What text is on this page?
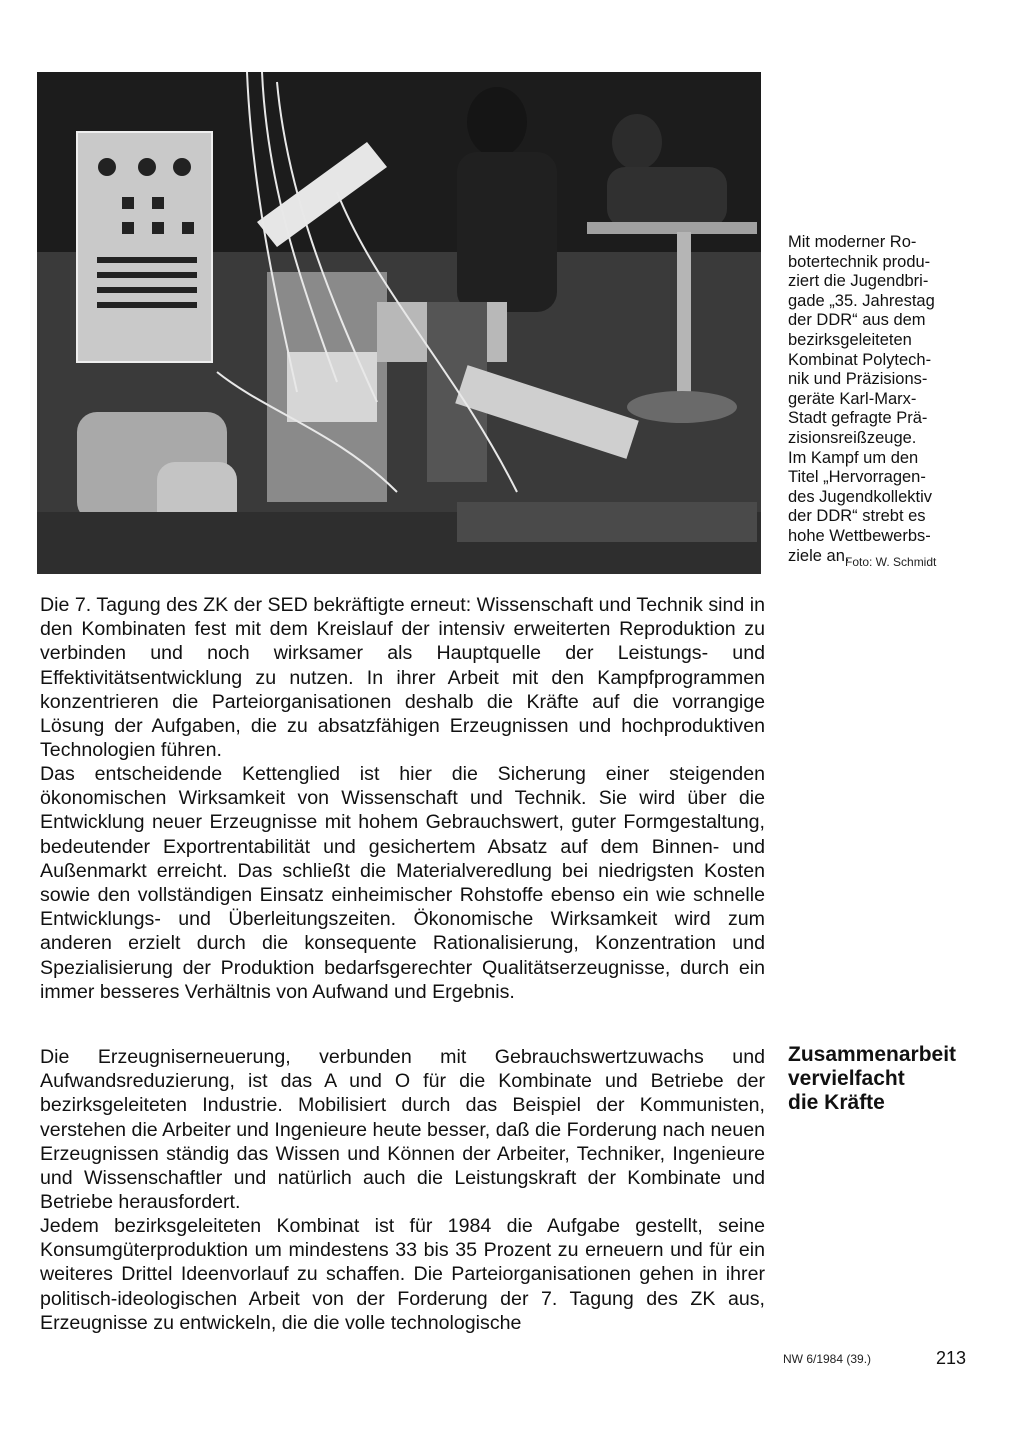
Mit moderner Ro-
botertechnik produ-
ziert die Jugendbri-
gade „35. Jahrestag
der DDR“ aus dem
bezirksgeleiteten
Kombinat Polytech-
nik und Präzisions-
geräte Karl-Marx-
Stadt gefragte Prä-
zisionsreißzeuge.
Im Kampf um den
Titel „Hervorragen-
des Jugendkollektiv
der DDR“ strebt es
hohe Wettbewerbs-
ziele an.
Foto: W. Schmidt

Die 7. Tagung des ZK der SED bekräftigte erneut: Wissenschaft und Technik sind in den Kombinaten fest mit dem Kreislauf der intensiv erweiterten Reproduktion zu verbinden und noch wirksamer als Hauptquelle der Leistungs- und Effektivitätsentwicklung zu nutzen. In ihrer Arbeit mit den Kampfprogrammen konzentrieren die Parteiorganisationen deshalb die Kräfte auf die vorrangige Lösung der Aufgaben, die zu absatzfähigen Erzeugnissen und hochproduktiven Technologien führen.

Das entscheidende Kettenglied ist hier die Sicherung einer steigenden ökonomischen Wirksamkeit von Wissenschaft und Technik. Sie wird über die Entwicklung neuer Erzeugnisse mit hohem Gebrauchswert, guter Formgestaltung, bedeutender Exportrentabilität und gesichertem Absatz auf dem Binnen- und Außenmarkt erreicht. Das schließt die Materialveredlung bei niedrigsten Kosten sowie den vollständigen Einsatz einheimischer Rohstoffe ebenso ein wie schnelle Entwicklungs- und Überleitungszeiten. Ökonomische Wirksamkeit wird zum anderen erzielt durch die konsequente Rationalisierung, Konzentration und Spezialisierung der Produktion bedarfsgerechter Qualitätserzeugnisse, durch ein immer besseres Verhältnis von Aufwand und Ergebnis.

Die Erzeugniserneuerung, verbunden mit Gebrauchswertzuwachs und Aufwandsreduzierung, ist das A und O für die Kombinate und Betriebe der bezirksgeleiteten Industrie. Mobilisiert durch das Beispiel der Kommunisten, verstehen die Arbeiter und Ingenieure heute besser, daß die Forderung nach neuen Erzeugnissen ständig das Wissen und Können der Arbeiter, Techniker, Ingenieure und Wissenschaftler und natürlich auch die Leistungskraft der Kombinate und Betriebe herausfordert.

Jedem bezirksgeleiteten Kombinat ist für 1984 die Aufgabe gestellt, seine Konsumgüterproduktion um mindestens 33 bis 35 Prozent zu erneuern und für ein weiteres Drittel Ideenvorlauf zu schaffen. Die Parteiorganisationen gehen in ihrer politisch-ideologischen Arbeit von der Forderung der 7. Tagung des ZK aus, Erzeugnisse zu entwickeln, die die volle technologische

Zusammenarbeit
vervielfacht
die Kräfte
NW 6/1984 (39.)	213
